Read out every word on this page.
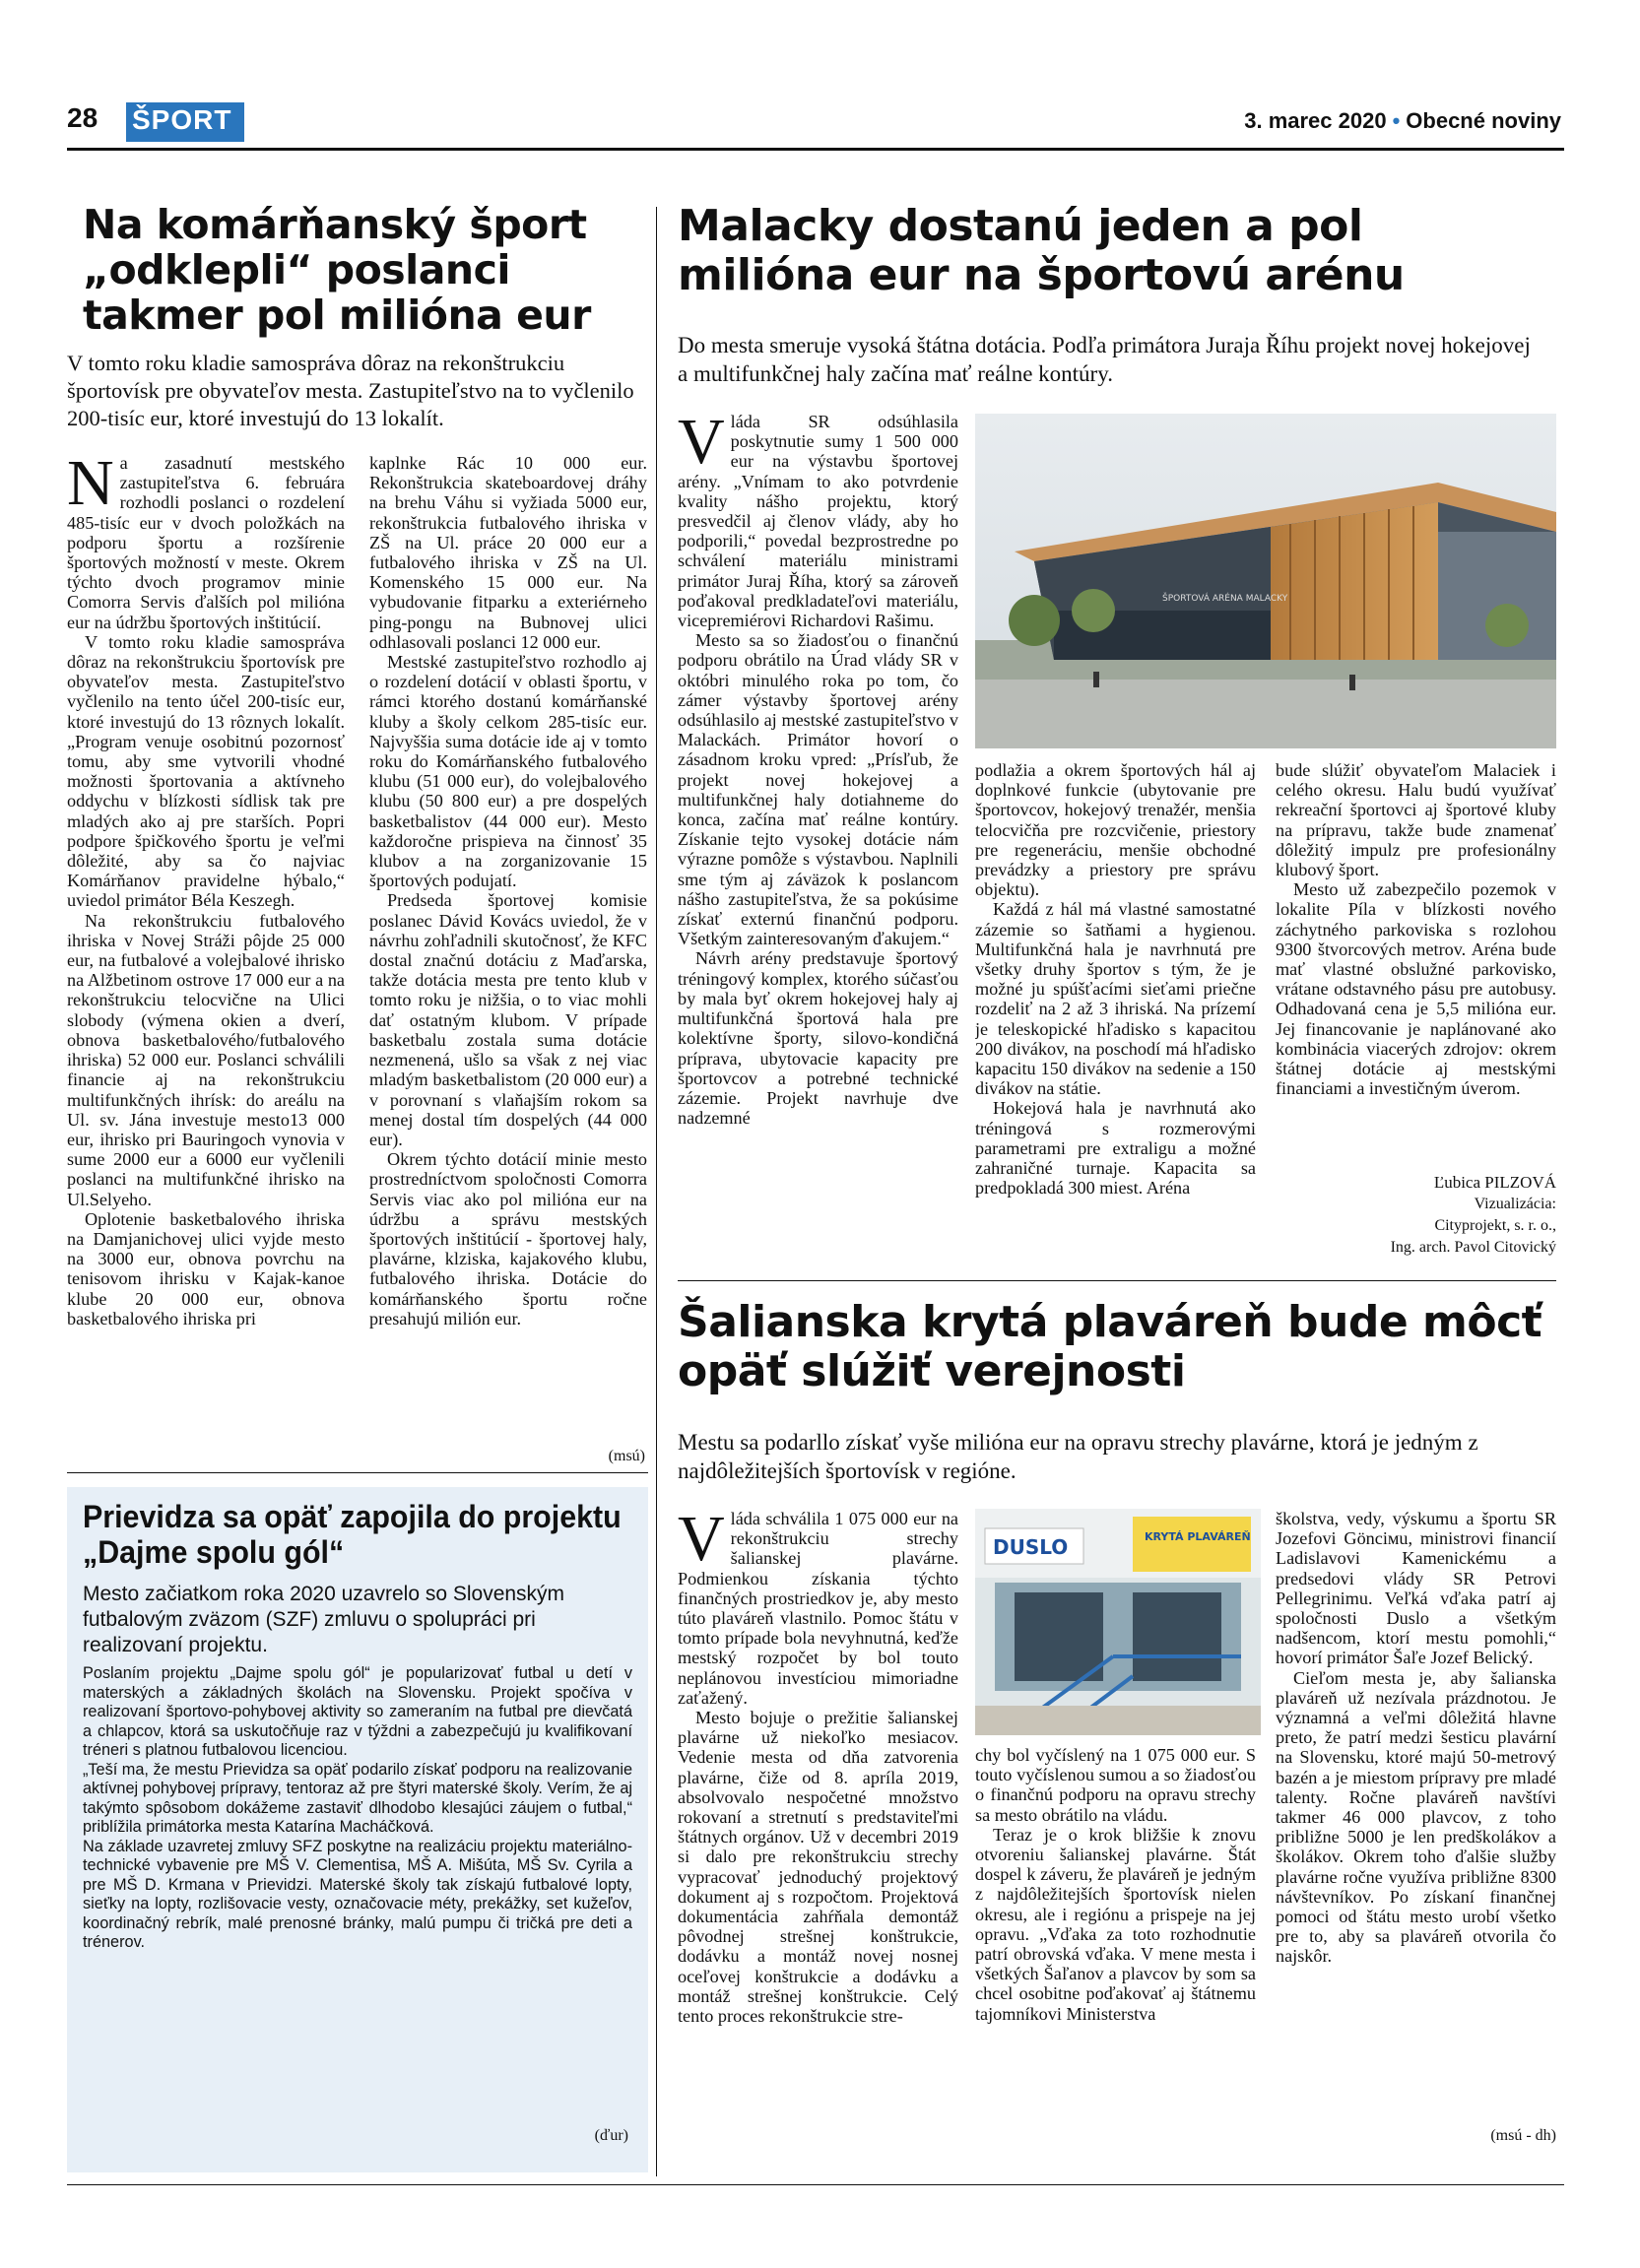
28 ŠPORT	3. marec 2020 • Obecné noviny
Na komárňanský šport „odklepli“ poslanci takmer pol milióna eur
V tomto roku kladie samospráva dôraz na rekonštrukciu športovísk pre obyvateľov mesta. Zastupiteľstvo na to vyčlenilo 200-tisíc eur, ktoré investujú do 13 lokalít.
N a zasadnutí mestského zastupiteľstva 6. februára rozhodli poslanci o rozdelení 485-tisíc eur v dvoch položkách na podporu športu a rozšírenie športových možností v meste. Okrem týchto dvoch programov minie Comorra Servis ďalších pol milióna eur na údržbu športových inštitúcií.

V tomto roku kladie samospráva dôraz na rekonštrukciu športovísk pre obyvateľov mesta. Zastupiteľstvo vyčlenilo na tento účel 200-tisíc eur, ktoré investujú do 13 rôznych lokalít. „Program venuje osobitnú pozornosť tomu, aby sme vytvorili vhodné možnosti športovania a aktívneho oddychu v blízkosti sídlisk tak pre mladých ako aj pre starších. Popri podpore špičkového športu je veľmi dôležité, aby sa čo najviac Komárňanov pravidelne hýbalo,“ uviedol primátor Béla Keszegh.

Na rekonštrukciu futbalového ihriska v Novej Stráži pôjde 25 000 eur, na futbalové a volejbalové ihrisko na Alžbetinom ostrove 17 000 eur a na rekonštrukciu telocvične na Ulici slobody (výmena okien a dverí, obnova basketbalového/futbalového ihriska) 52 000 eur. Poslanci schválili financie aj na rekonštrukciu multifunkčných ihrísk: do areálu na Ul. sv. Jána investuje mesto13 000 eur, ihrisko pri Bauringoch vynovia v sume 2000 eur a 6000 eur vyčlenili poslanci na multifunkčné ihrisko na Ul.Selyeho.

Oplotenie basketbalového ihriska na Damjanichovej ulici vyjde mesto na 3000 eur, obnova povrchu na tenisovom ihrisku v Kajak-kanoe klube 20 000 eur, obnova basketbalového ihriska pri

kaplnke Rác 10 000 eur. Rekonštrukcia skateboardovej dráhy na brehu Váhu si vyžiada 5000 eur, rekonštrukcia futbalového ihriska v ZŠ na Ul. práce 20 000 eur a futbalového ihriska v ZŠ na Ul. Komenského 15 000 eur. Na vybudovanie fitparku a exteriérneho ping-pongu na Bubnovej ulici odhlasovali poslanci 12 000 eur.

Mestské zastupiteľstvo rozhodlo aj o rozdelení dotácií v oblasti športu, v rámci ktorého dostanú komárňanské kluby a školy celkom 285-tisíc eur. Najvyššia suma dotácie ide aj v tomto roku do Komárňanského futbalového klubu (51 000 eur), do volejbalového klubu (50 800 eur) a pre dospelých basketbalistov (44 000 eur). Mesto každoročne prispieva na činnosť 35 klubov a na zorganizovanie 15 športových podujatí.

Predseda športovej komisie poslanec Dávid Kovács uviedol, že v návrhu zohľadnili skutočnosť, že KFC dostal značnú dotáciu z Maďarska, takže dotácia mesta pre tento klub v tomto roku je nižšia, o to viac mohli dať ostatným klubom. V prípade basketbalu zostala suma dotácie nezmenená, ušlo sa však z nej viac mladým basketbalistom (20 000 eur) a v porovnaní s vlaňajším rokom sa menej dostal tím dospelých (44 000 eur).

Okrem týchto dotácií minie mesto prostredníctvom spoločnosti Comorra Servis viac ako pol milióna eur na údržbu a správu mestských športových inštitúcií - športovej haly, plavárne, klziska, kajakového klubu, futbalového ihriska. Dotácie do komárňanského športu ročne presahujú milión eur.

(msú)
Prievidza sa opäť zapojila do projektu „Dajme spolu gól“
Mesto začiatkom roka 2020 uzavrelo so Slovenským futbalovým zväzom (SZF) zmluvu o spolupráci pri realizovaní projektu.

Poslaním projektu „Dajme spolu gól“ je popularizovať futbal u detí v materských a základných školách na Slovensku. Projekt spočíva v realizovaní športovo-pohybovej aktivity so zameraním na futbal pre dievčatá a chlapcov, ktorá sa uskutočňuje raz v týždni a zabezpečujú ju kvalifikovaní tréneri s platnou futbalovou licenciou.

„Teší ma, že mestu Prievidza sa opäť podarilo získať podporu na realizovanie aktívnej pohybovej prípravy, tentoraz až pre štyri materské školy. Verím, že aj takýmto spôsobom dokážeme zastaviť dlhodobo klesajúci záujem o futbal,“ priblížila primátorka mesta Katarína Macháčková.

Na základe uzavretej zmluvy SFZ poskytne na realizáciu projektu materiálno-technické vybavenie pre MŠ V. Clementisa, MŠ A. Mišúta, MŠ Sv. Cyrila a pre MŠ D. Krmana v Prievidzi. Materské školy tak získajú futbalové lopty, sieťky na lopty, rozlišovacie vesty, označovacie méty, prekážky, set kužeľov, koordinačný rebrík, malé prenosné bránky, malú pumpu či tričká pre deti a trénerov.

(ďur)
Malacky dostanú jeden a pol milióna eur na športovú arénu
Do mesta smeruje vysoká štátna dotácia. Podľa primátora Juraja Říhu projekt novej hokejovej a multifunkčnej haly začína mať reálne kontúry.
ŠPORTOVÁ ARÉNA MALACKY
V láda SR odsúhlasila poskytnutie sumy 1 500 000 eur na výstavbu športovej arény. „Vnímam to ako potvrdenie kvality nášho projektu, ktorý presvedčil aj členov vlády, aby ho podporili,“ povedal bezprostredne po schválení materiálu ministrami primátor Juraj Říha, ktorý sa zároveň poďakoval predkladateľovi materiálu, vicepremiérovi Richardovi Rašimu.

Mesto sa so žiadosťou o finančnú podporu obrátilo na Úrad vlády SR v októbri minulého roka po tom, čo zámer výstavby športovej arény odsúhlasilo aj mestské zastupiteľstvo v Malackách. Primátor hovorí o zásadnom kroku vpred: „Prísľub, že projekt novej hokejovej a multifunkčnej haly dotiahneme do konca, začína mať reálne kontúry. Získanie tejto vysokej dotácie nám výrazne pomôže s výstavbou. Naplnili sme tým aj záväzok k poslancom nášho zastupiteľstva, že sa pokúsime získať externú finančnú podporu. Všetkým zainteresovaným ďakujem.“

Návrh arény predstavuje športový tréningový komplex, ktorého súčasťou by mala byť okrem hokejovej haly aj multifunkčná športová hala pre kolektívne športy, silovo-kondičná príprava, ubytovacie kapacity pre športovcov a potrebné technické zázemie. Projekt navrhuje dve nadzemné

podlažia a okrem športových hál aj doplnkové funkcie (ubytovanie pre športovcov, hokejový trenažér, menšia telocvičňa pre rozcvičenie, priestory pre regeneráciu, menšie obchodné prevádzky a priestory pre správu objektu).

Každá z hál má vlastné samostatné zázemie so šatňami a hygienou. Multifunkčná hala je navrhnutá pre všetky druhy športov s tým, že je možné ju spúšťacími sieťami priečne rozdeliť na 2 až 3 ihriská. Na prízemí je teleskopické hľadisko s kapacitou 200 divákov, na poschodí má hľadisko kapacitu 150 divákov na sedenie a 150 divákov na státie.

Hokejová hala je navrhnutá ako tréningová s rozmerovými parametrami pre extraligu a možné zahraničné turnaje. Kapacita sa predpokladá 300 miest. Aréna

bude slúžiť obyvateľom Malaciek i celého okresu. Halu budú využívať rekreační športovci aj športové kluby na prípravu, takže bude znamenať dôležitý impulz pre profesionálny klubový šport.

Mesto už zabezpečilo pozemok v lokalite Píla v blízkosti nového záchytného parkoviska s rozlohou 9300 štvorcových metrov. Aréna bude mať vlastné obslužné parkovisko, vrátane odstavného pásu pre autobusy. Odhadovaná cena je 5,5 milióna eur. Jej financovanie je naplánované ako kombinácia viacerých zdrojov: okrem štátnej dotácie aj mestskými financiami a investičným úverom.

Ľubica PILZOVÁ
Vizualizácia:
Cityprojekt, s. r. o.,
Ing. arch. Pavol Citovický
Šalianska krytá plaváreň bude môcť opäť slúžiť verejnosti
Mestu sa podarllo získať vyše milióna eur na opravu strechy plavárne, ktorá je jedným z najdôležitejších športovísk v regióne.
DUSLO	KRYTÁ PLAVÁREŇ
V láda schválila 1 075 000 eur na rekonštrukciu strechy šalianskej plavárne. Podmienkou získania týchto finančných prostriedkov je, aby mesto túto plaváreň vlastnilo. Pomoc štátu v tomto prípade bola nevyhnutná, keďže mestský rozpočet by bol touto neplánovou investíciou mimoriadne zaťažený.

Mesto bojuje o prežitie šalianskej plavárne už niekoľko mesiacov. Vedenie mesta od dňa zatvorenia plavárne, čiže od 8. apríla 2019, absolvovalo nespočetné množstvo rokovaní a stretnutí s predstaviteľmi štátnych orgánov. Už v decembri 2019 si dalo pre rekonštrukciu strechy vypracovať jednoduchý projektový dokument aj s rozpočtom. Projektová dokumentácia zahŕňala demontáž pôvodnej strešnej konštrukcie, dodávku a montáž novej nosnej oceľovej konštrukcie a dodávku a montáž strešnej konštrukcie. Celý tento proces rekonštrukcie stre-

chy bol vyčíslený na 1 075 000 eur. S touto vyčíslenou sumou a so žiadosťou o finančnú podporu na opravu strechy sa mesto obrátilo na vládu.

Teraz je o krok bližšie k znovu otvoreniu šalianskej plavárne. Štát dospel k záveru, že plaváreň je jedným z najdôležitejších športovísk nielen okresu, ale i regiónu a prispeje na jej opravu. „Vďaka za toto rozhodnutie patrí obrovská vďaka. V mene mesta i všetkých Šaľanov a plavcov by som sa chcel osobitne poďakovať aj štátnemu tajomníkovi Ministerstva

školstva, vedy, výskumu a športu SR Jozefovi Gönciмu, ministrovi financií Ladislavovi Kamenickému a predsedovi vlády SR Petrovi Pellegrinimu. Veľká vďaka patrí aj spoločnosti Duslo a všetkým nadšencom, ktorí mestu pomohli,“ hovorí primátor Šaľe Jozef Belický.

Cieľom mesta je, aby šalianska plaváreň už nezívala prázdnotou. Je významná a veľmi dôležitá hlavne preto, že patrí medzi šesticu plavární na Slovensku, ktoré majú 50-metrový bazén a je miestom prípravy pre mladé talenty. Ročne plaváreň navštívi takmer 46 000 plavcov, z toho približne 5000 je len predškolákov a školákov. Okrem toho ďalšie služby plavárne ročne využíva približne 8300 návštevníkov. Po získaní finančnej pomoci od štátu mesto urobí všetko pre to, aby sa plaváreň otvorila čo najskôr.

(msú - dh)
